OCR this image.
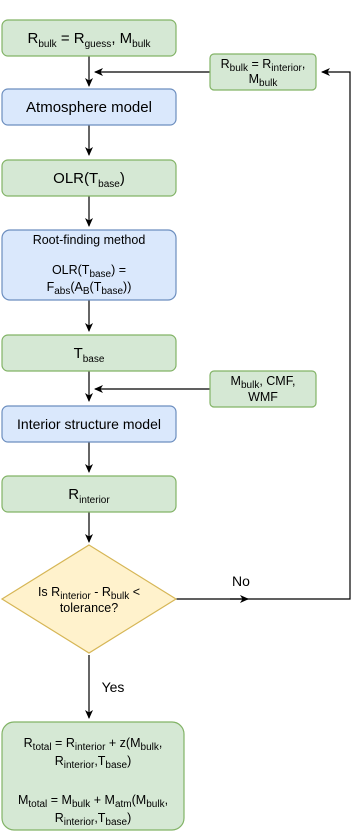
$R_{bulk} = R_{guess}$, $M_{bulk}$
$R_{bulk} = R_{interior}$,
$M_{bulk}$
Atmosphere model
$OLR(T_{base})$
Root-finding method
$OLR(T_{base})$ =
$F_{abs}(A_B(T_{base}))$
$T_{base}$
$M_{bulk}$, CMF,
WMF
Interior structure model
$R_{interior}$
Is $R_{interior} - R_{bulk}$ <
tolerance?
No
Yes
$R_{total} = R_{interior} + z(M_{bulk}$,
$R_{interior},T_{base}$)
$M_{total} = M_{bulk} + M_{atm}(M_{bulk}$,
$R_{interior},T_{base}$)
